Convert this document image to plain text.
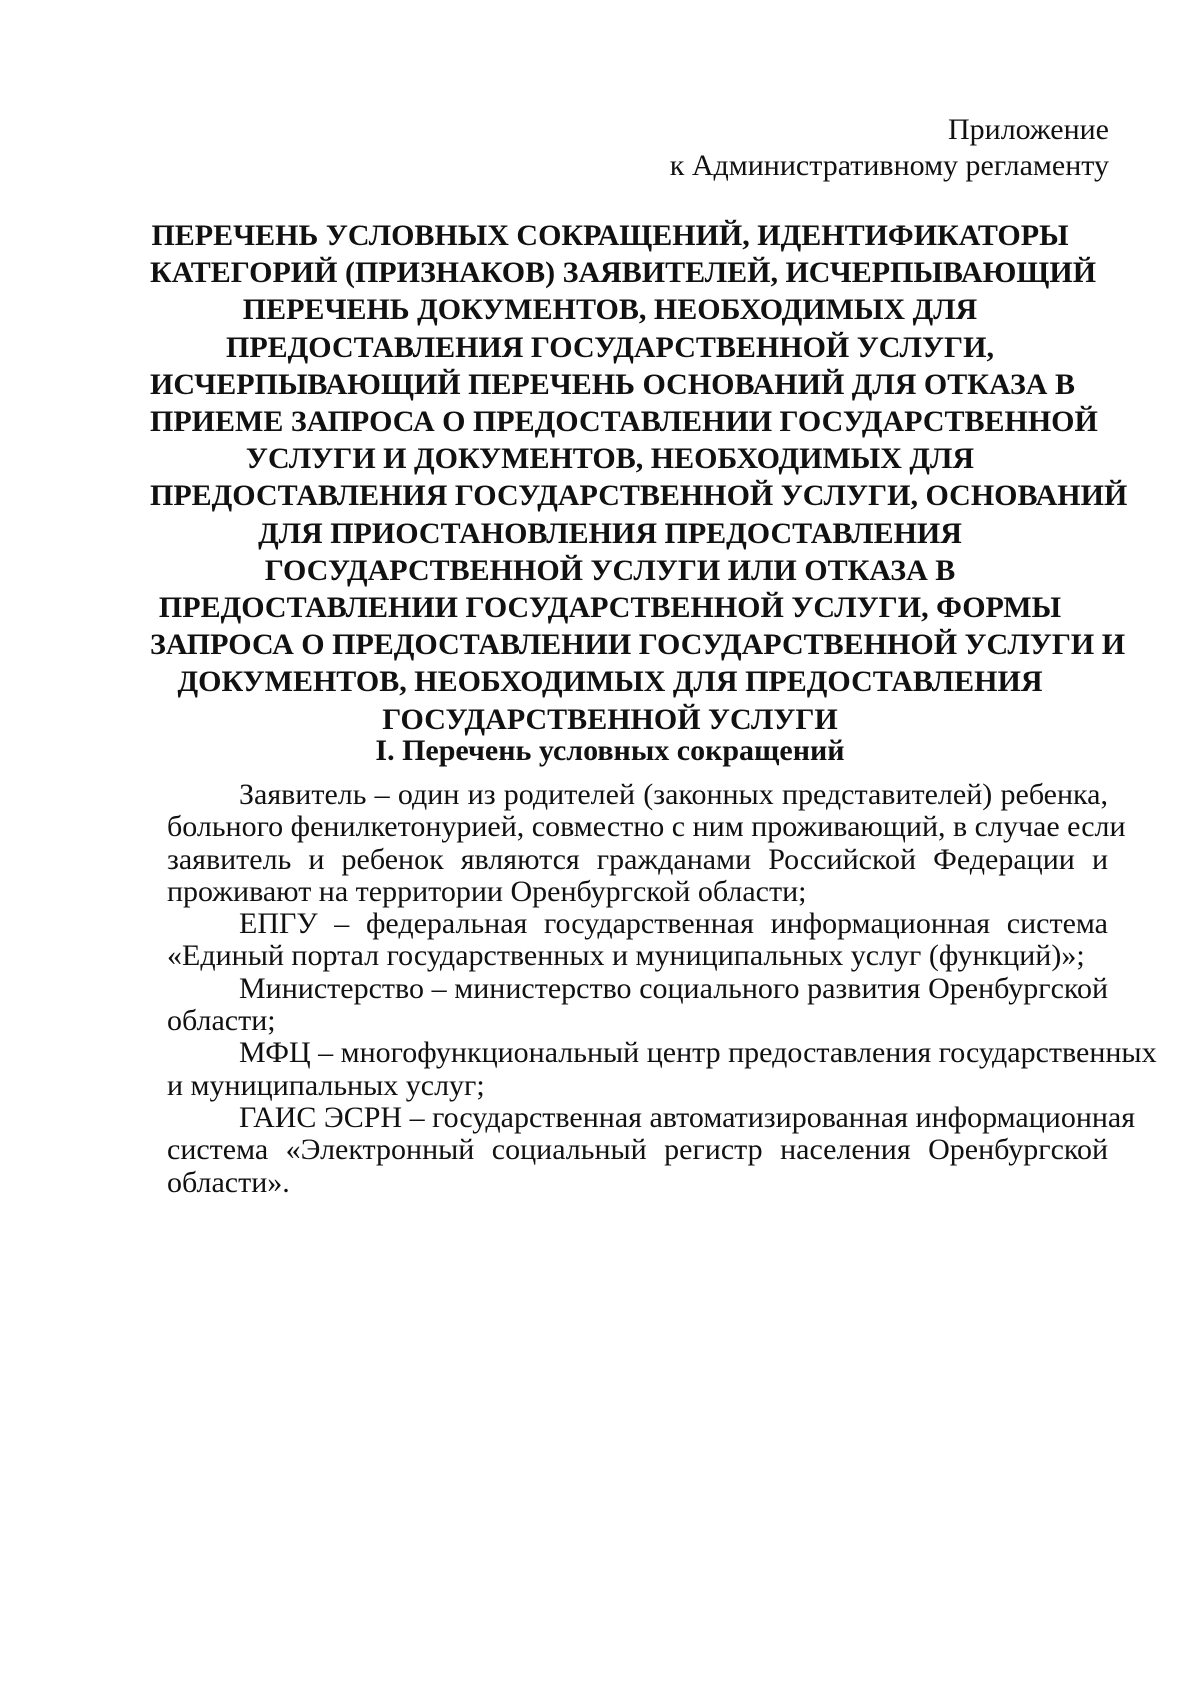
Приложение
к Административному регламенту
ПЕРЕЧЕНЬ УСЛОВНЫХ СОКРАЩЕНИЙ, ИДЕНТИФИКАТОРЫ
КАТЕГОРИЙ (ПРИЗНАКОВ) ЗАЯВИТЕЛЕЙ, ИСЧЕРПЫВАЮЩИЙ
ПЕРЕЧЕНЬ ДОКУМЕНТОВ, НЕОБХОДИМЫХ ДЛЯ
ПРЕДОСТАВЛЕНИЯ ГОСУДАРСТВЕННОЙ УСЛУГИ,
ИСЧЕРПЫВАЮЩИЙ ПЕРЕЧЕНЬ ОСНОВАНИЙ ДЛЯ ОТКАЗА В
ПРИЕМЕ ЗАПРОСА О ПРЕДОСТАВЛЕНИИ ГОСУДАРСТВЕННОЙ
УСЛУГИ И ДОКУМЕНТОВ, НЕОБХОДИМЫХ ДЛЯ
ПРЕДОСТАВЛЕНИЯ ГОСУДАРСТВЕННОЙ УСЛУГИ, ОСНОВАНИЙ
ДЛЯ ПРИОСТАНОВЛЕНИЯ ПРЕДОСТАВЛЕНИЯ
ГОСУДАРСТВЕННОЙ УСЛУГИ ИЛИ ОТКАЗА В
ПРЕДОСТАВЛЕНИИ ГОСУДАРСТВЕННОЙ УСЛУГИ, ФОРМЫ
ЗАПРОСА О ПРЕДОСТАВЛЕНИИ ГОСУДАРСТВЕННОЙ УСЛУГИ И
ДОКУМЕНТОВ, НЕОБХОДИМЫХ ДЛЯ ПРЕДОСТАВЛЕНИЯ
ГОСУДАРСТВЕННОЙ УСЛУГИ
I. Перечень условных сокращений
Заявитель – один из родителей (законных представителей) ребенка,
больного фенилкетонурией, совместно с ним проживающий, в случае если
заявитель и ребенок являются гражданами Российской Федерации и
проживают на территории Оренбургской области;
ЕПГУ – федеральная государственная информационная система
«Единый портал государственных и муниципальных услуг (функций)»;
Министерство – министерство социального развития Оренбургской
области;
МФЦ – многофункциональный центр предоставления государственных
и муниципальных услуг;
ГАИС ЭСРН – государственная автоматизированная информационная
система «Электронный социальный регистр населения Оренбургской
области».
